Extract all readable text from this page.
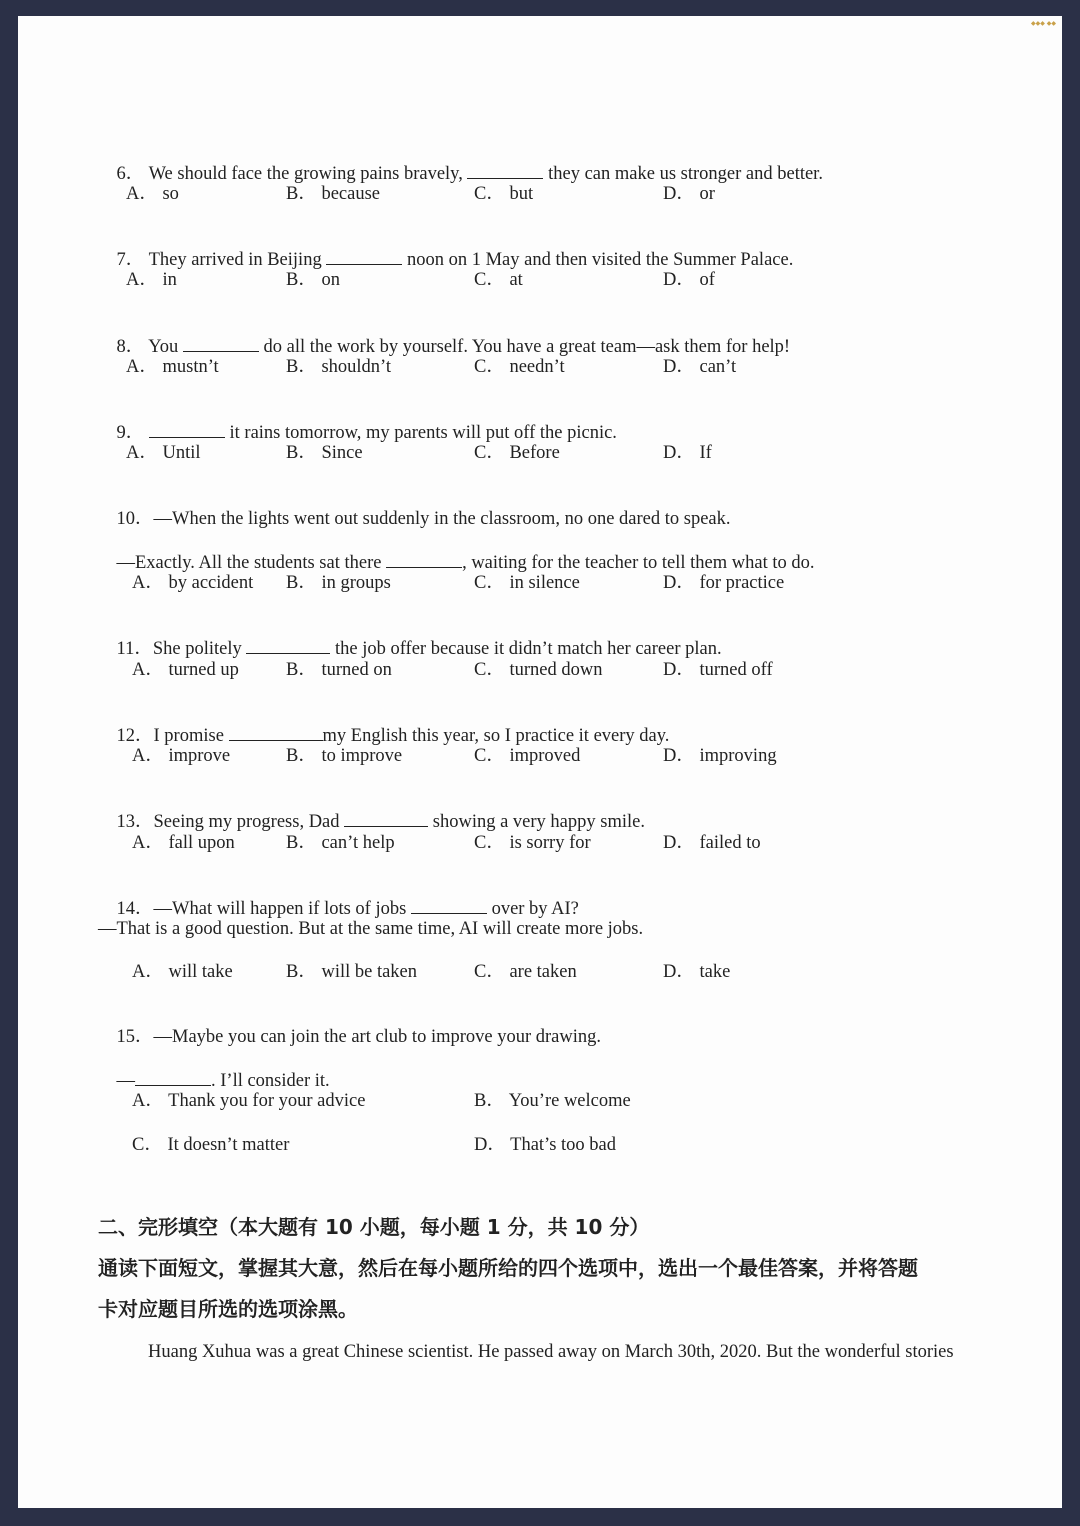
◆◆◆ ◆◆

6． We should face the growing pains bravely,	they can make us stronger and better.

A． so	B． because	C． but	D． or

7． They arrived in Beijing	noon on 1 May and then visited the Summer Palace.

A． in	B． on	C． at	D． of

8． You	do all the work by yourself. You have a great team—ask them for help!

A． mustn’t	B． shouldn’t	C． needn’t	D． can’t

9．	it rains tomorrow, my parents will put off the picnic.

A． Until	B． Since	C． Before	D． If

10．—When the lights went out suddenly in the classroom, no one dared to speak.

—Exactly. All the students sat there	, waiting for the teacher to tell them what to do.

A． by accident B． in groups	C． in silence	D． for practice

11．She politely	the job offer because it didn’t match her career plan.

A． turned up	B． turned on	C． turned down	D． turned off

12．I promise	my English this year, so I practice it every day.

A． improve	B． to improve	C． improved	D． improving

13．Seeing my progress, Dad	showing a very happy smile.

A． fall upon	B． can’t help	C． is sorry for	D． failed to

14．—What will happen if lots of jobs	over by AI?

—That is a good question. But at the same time, AI will create more jobs.
A． will take	B． will be taken	C． are taken	D． take

15．—Maybe you can join the art club to improve your drawing.

—	. I’ll consider it.

A． Thank you for your advice	B． You’re welcome
C． It doesn’t matter	D． That’s too bad
二、完形填空（本大题有 10 小题，每小题 1 分，共 10 分）
通读下面短文，掌握其大意，然后在每小题所给的四个选项中，选出一个最佳答案，并将答题
卡对应题目所选的选项涂黑。
Huang Xuhua was a great Chinese scientist. He passed away on March 30th, 2020. But the wonderful stories
